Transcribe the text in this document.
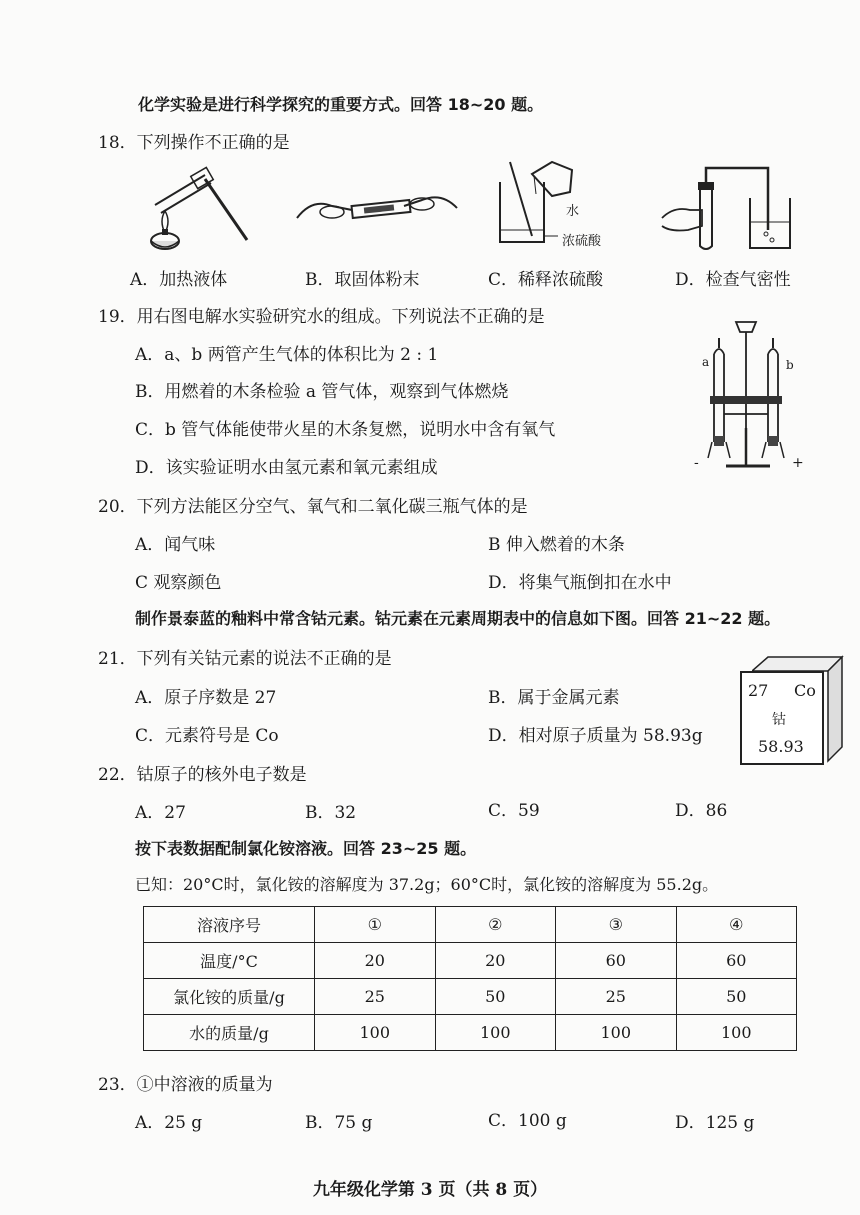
化学实验是进行科学探究的重要方式。回答 18~20 题。
18．下列操作不正确的是
水
浓硫酸
A．加热液体	B．取固体粉末	C．稀释浓硫酸	D．检查气密性
19．用右图电解水实验研究水的组成。下列说法不正确的是
A．a、b 两管产生气体的体积比为 2 : 1
B．用燃着的木条检验 a 管气体，观察到气体燃烧
C．b 管气体能使带火星的木条复燃，说明水中含有氧气
D．该实验证明水由氢元素和氧元素组成
a	b
-	+
20．下列方法能区分空气、氧气和二氧化碳三瓶气体的是
A．闻气味	B 伸入燃着的木条
C 观察颜色	D．将集气瓶倒扣在水中
制作景泰蓝的釉料中常含钴元素。钴元素在元素周期表中的信息如下图。回答 21~22 题。
21．下列有关钴元素的说法不正确的是
A．原子序数是 27	B．属于金属元素
C．元素符号是 Co	D．相对原子质量为 58.93g
27 Co
钴
58.93
22．钴原子的核外电子数是
A．27	B．32	C．59	D．86
按下表数据配制氯化铵溶液。回答 23~25 题。
已知：20°C时，氯化铵的溶解度为 37.2g；60°C时，氯化铵的溶解度为 55.2g。
溶液序号	①	②	③	④
温度/°C	20	20	60	60
氯化铵的质量/g	25	50	25	50
水的质量/g	100	100	100	100
23．①中溶液的质量为
A．25 g	B．75 g	C．100 g	D．125 g
九年级化学第 3 页（共 8 页）
